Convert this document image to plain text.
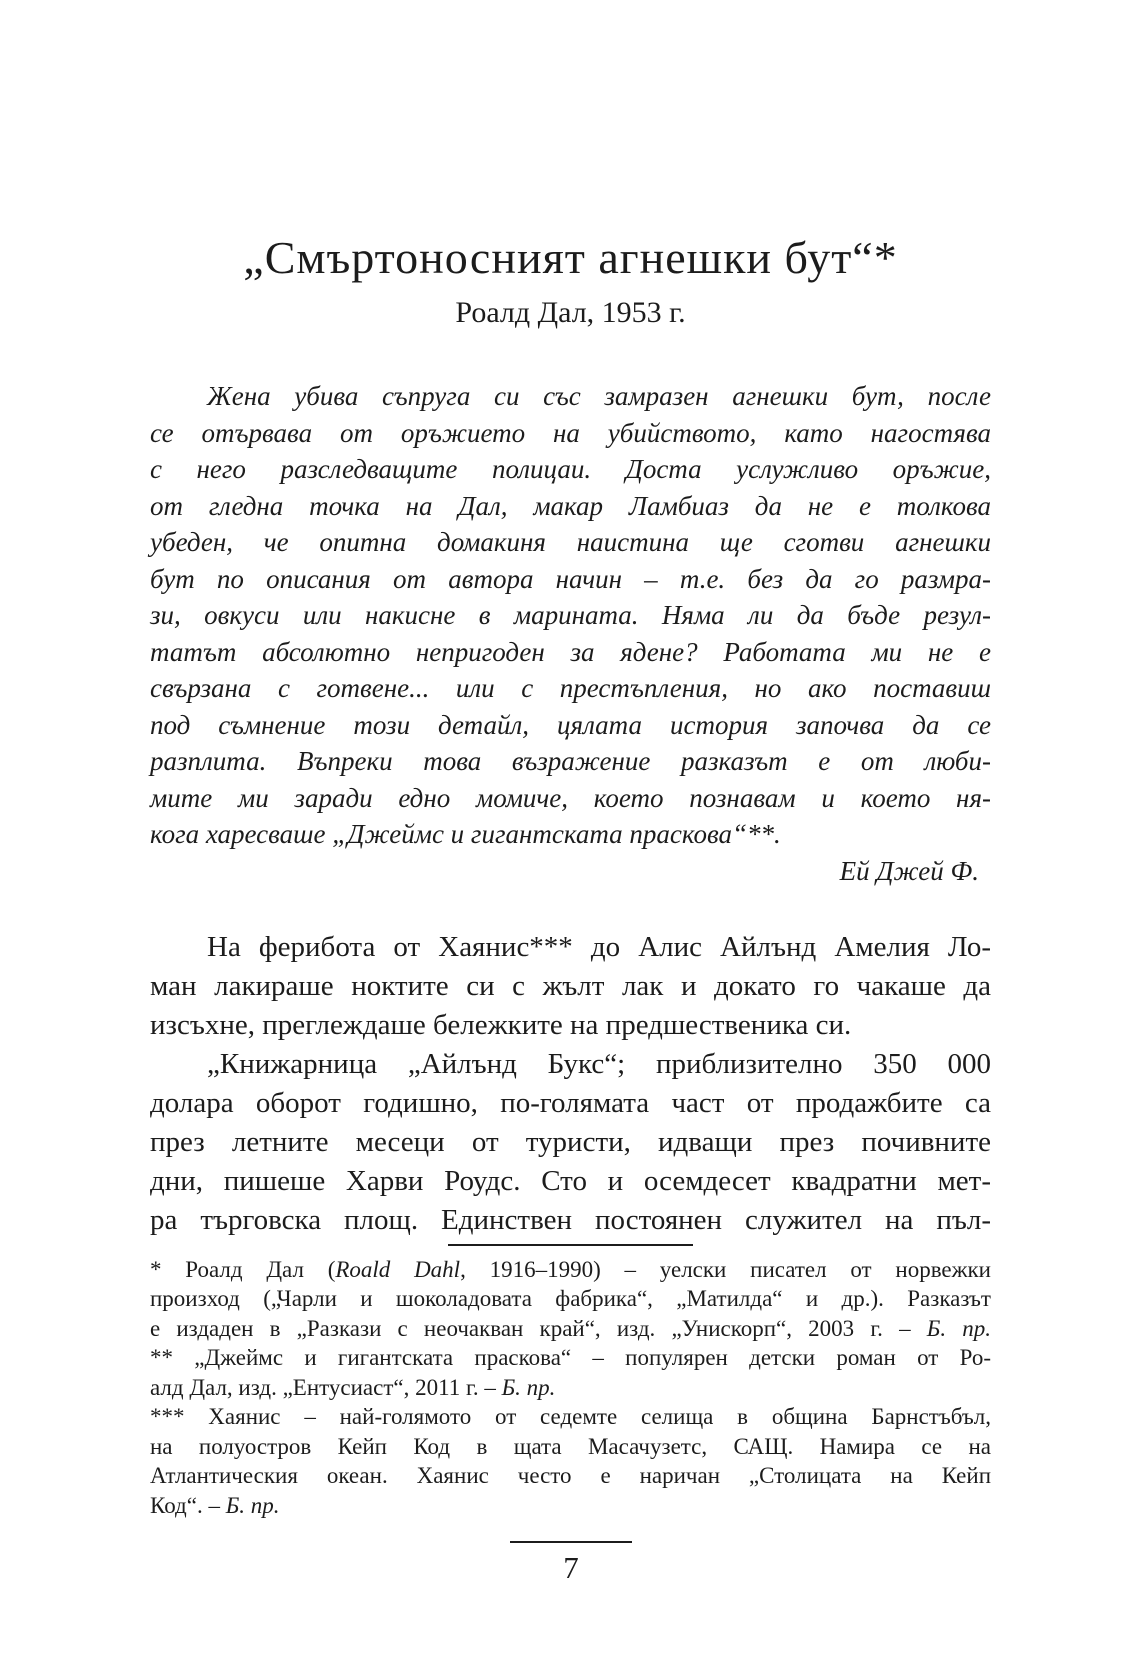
„Смъртоносният агнешки бут“*
Роалд Дал, 1953 г.
Жена убива съпруга си със замразен агнешки бут, после
се отървава от оръжието на убийството, като нагостява
с него разследващите полицаи. Доста услужливо оръжие,
от гледна точка на Дал, макар Ламбиаз да не е толкова
убеден, че опитна домакиня наистина ще сготви агнешки
бут по описания от автора начин – т.е. без да го размра-
зи, овкуси или накисне в марината. Няма ли да бъде резул-
татът абсолютно непригоден за ядене? Работата ми не е
свързана с готвене... или с престъпления, но ако поставиш
под съмнение този детайл, цялата история започва да се
разплита. Въпреки това възражение разказът е от люби-
мите ми заради едно момиче, което познавам и което ня-
кога харесваше „Джеймс и гигантската праскова“**.
Ей Джей Ф.
На ферибота от Хаянис*** до Алис Айлънд Амелия Ло-
ман лакираше ноктите си с жълт лак и докато го чакаше да
изсъхне, преглеждаше бележките на предшественика си.
„Книжарница „Айлънд Букс“; приблизително 350 000
долара оборот годишно, по-голямата част от продажбите са
през летните месеци от туристи, идващи през почивните
дни, пишеше Харви Роудс. Сто и осемдесет квадратни мет-
ра търговска площ. Единствен постоянен служител на пъл-
* Роалд Дал (Roald Dahl, 1916–1990) – уелски писател от норвежки
произход („Чарли и шоколадовата фабрика“, „Матилда“ и др.). Разказът
е издаден в „Разкази с неочакван край“, изд. „Унискорп“, 2003 г. – Б. пр.
** „Джеймс и гигантската праскова“ – популярен детски роман от Ро-
алд Дал, изд. „Ентусиаст“, 2011 г. – Б. пр.
*** Хаянис – най-голямото от седемте селища в община Барнстъбъл,
на полуостров Кейп Код в щата Масачузетс, САЩ. Намира се на
Атлантическия океан. Хаянис често е наричан „Столицата на Кейп
Код“. – Б. пр.
7
